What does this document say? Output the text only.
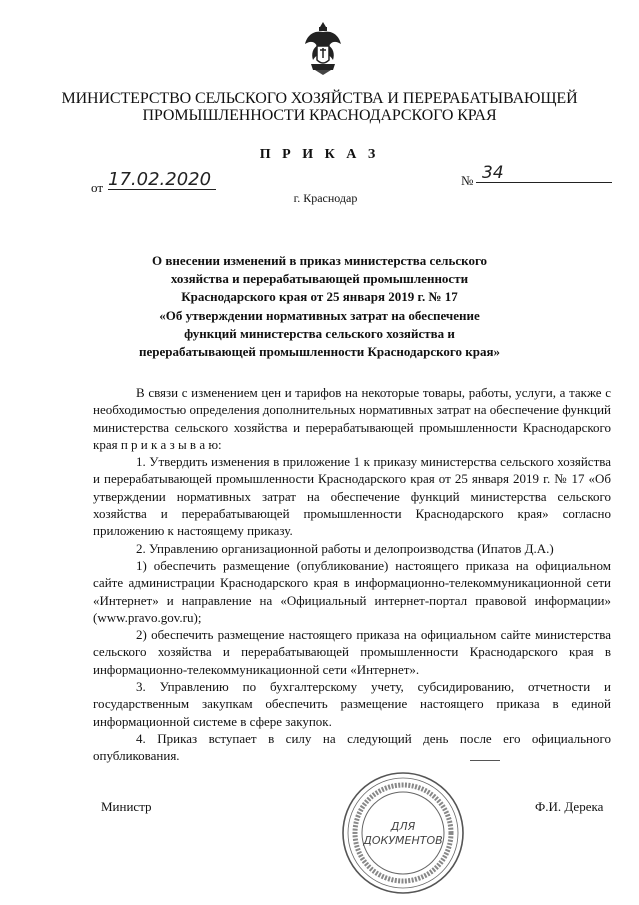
МИНИСТЕРСТВО СЕЛЬСКОГО ХОЗЯЙСТВА И ПЕРЕРАБАТЫВАЮЩЕЙ
ПРОМЫШЛЕННОСТИ КРАСНОДАРСКОГО КРАЯ
П Р И К А З
от 17.02.2020	№ 34
г. Краснодар
О внесении изменений в приказ министерства сельского
хозяйства и перерабатывающей промышленности
Краснодарского края от 25 января 2019 г. № 17
«Об утверждении нормативных затрат на обеспечение
функций министерства сельского хозяйства и
перерабатывающей промышленности Краснодарского края»

В связи с изменением цен и тарифов на некоторые товары, работы, услуги, а также с необходимостью определения дополнительных нормативных затрат на обеспечение функций министерства сельского хозяйства и перерабатывающей промышленности Краснодарского края п р и к а з ы в а ю:

1. Утвердить изменения в приложение 1 к приказу министерства сельского хозяйства и перерабатывающей промышленности Краснодарского края от 25 января 2019 г. № 17 «Об утверждении нормативных затрат на обеспечение функций министерства сельского хозяйства и перерабатывающей промышленности Краснодарского края» согласно приложению к настоящему приказу.

2. Управлению организационной работы и делопроизводства (Ипатов Д.А.)

1) обеспечить размещение (опубликование) настоящего приказа на официальном сайте администрации Краснодарского края в информационно-телекоммуникационной сети «Интернет» и направление на «Официальный интернет-портал правовой информации» (www.pravo.gov.ru);

2) обеспечить размещение настоящего приказа на официальном сайте министерства сельского хозяйства и перерабатывающей промышленности Краснодарского края в информационно-телекоммуникационной сети «Интернет».

3. Управлению по бухгалтерскому учету, субсидированию, отчетности и государственным закупкам обеспечить размещение настоящего приказа в единой информационной системе в сфере закупок.

4. Приказ вступает в силу на следующий день после его официального опубликования.

Министр	Ф.И. Дерека
ДЛЯ
ДОКУМЕНТОВ
